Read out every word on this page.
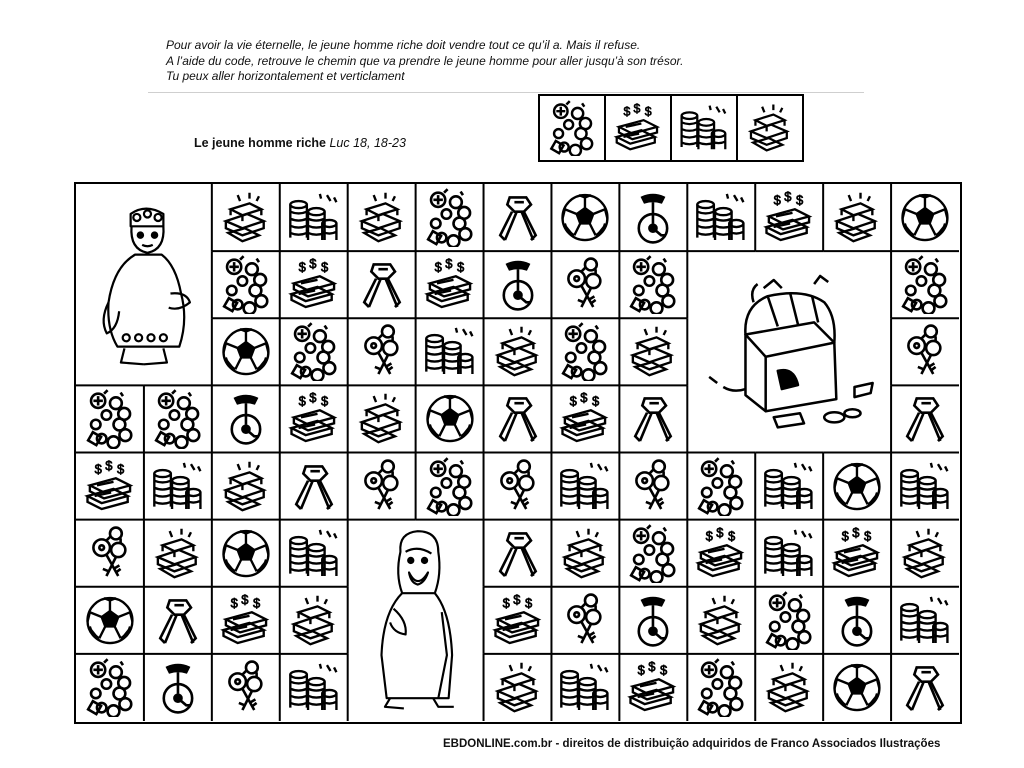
Pour avoir la vie éternelle, le jeune homme riche doit vendre tout ce qu’il a. Mais il refuse.
A l’aide du code, retrouve le chemin que va prendre le jeune homme pour aller jusqu’à son trésor.
Tu peux aller horizontalement et verticlament
Le jeune homme riche Luc 18, 18-23
$ $ $
$ $ $
$ $ $	$ $ $
$ $ $	$ $ $
$ $ $
$ $ $	$ $ $
$ $ $	$ $ $
$ $ $
EBDONLINE.com.br - direitos de distribuição adquiridos de Franco Associados Ilustrações
